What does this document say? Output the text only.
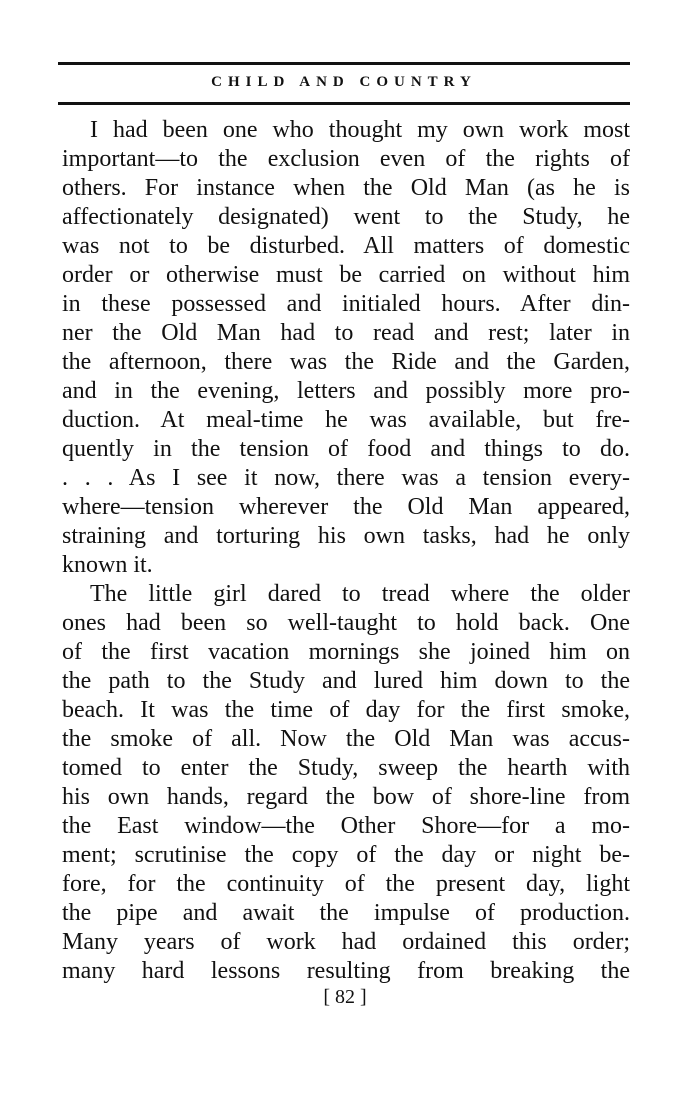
CHILD AND COUNTRY
I had been one who thought my own work most
important—to the exclusion even of the rights of
others. For instance when the Old Man (as he is
affectionately designated) went to the Study, he
was not to be disturbed. All matters of domestic
order or otherwise must be carried on without him
in these possessed and initialed hours. After din-
ner the Old Man had to read and rest; later in
the afternoon, there was the Ride and the Garden,
and in the evening, letters and possibly more pro-
duction. At meal-time he was available, but fre-
quently in the tension of food and things to do.
. . . As I see it now, there was a tension every-
where—tension wherever the Old Man appeared,
straining and torturing his own tasks, had he only
known it.
The little girl dared to tread where the older
ones had been so well-taught to hold back. One
of the first vacation mornings she joined him on
the path to the Study and lured him down to the
beach. It was the time of day for the first smoke,
the smoke of all. Now the Old Man was accus-
tomed to enter the Study, sweep the hearth with
his own hands, regard the bow of shore-line from
the East window—the Other Shore—for a mo-
ment; scrutinise the copy of the day or night be-
fore, for the continuity of the present day, light
the pipe and await the impulse of production.
Many years of work had ordained this order;
many hard lessons resulting from breaking the
[ 82 ]
